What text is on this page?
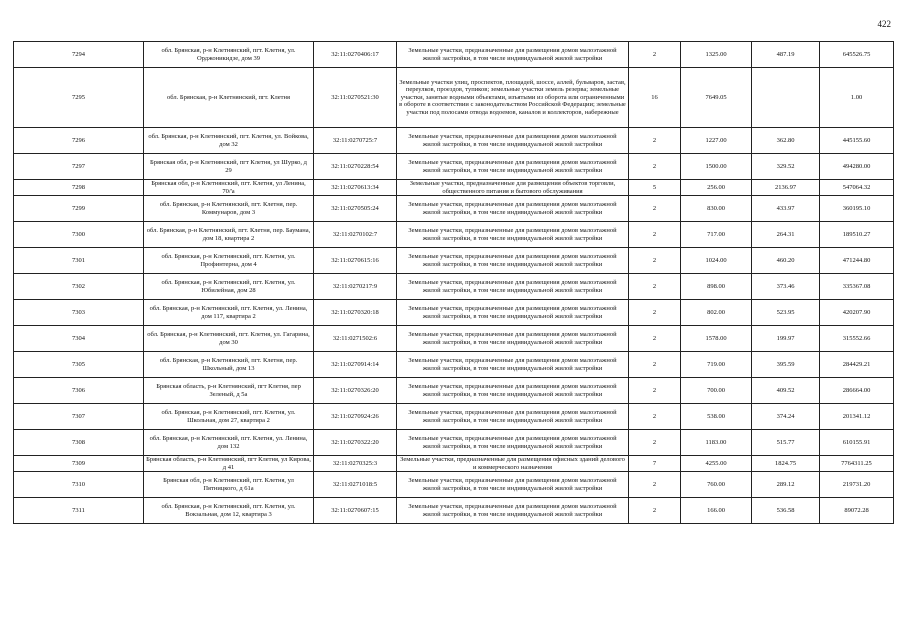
422
7294	обл. Брянская, р-н Клетнянский, пгт. Клетня, ул. Орджоникидзе, дом 39	32:11:0270406:17	Земельные участки, предназначенные для размещения домов малоэтажной жилой застройки, в том числе индивидуальной жилой застройки	2	1325.00	487.19	645526.75

7295	обл. Брянская, р-н Клетнянский, пгт. Клетня	32:11:0270521:30	Земельные участки улиц, проспектов, площадей, шоссе, аллей, бульваров, застав, переулков, проездов, тупиков; земельные участки земель резерва; земельные участки, занятые водными объектами, изъятыми из оборота или ограниченными в обороте в соответствии с законодательством Российской Федерации; земельные участки под полосами отвода водоемов, каналов и коллекторов, набережные	16	7649.05		1.00

7296	обл. Брянская, р-н Клетнянский, пгт. Клетня, ул. Войкова, дом 32	32:11:0270725:7	Земельные участки, предназначенные для размещения домов малоэтажной жилой застройки, в том числе индивидуальной жилой застройки	2	1227.00	362.80	445155.60

7297	Брянская обл, р-н Клетнянский, пгт Клетня, ул Шурко, д 29	32:11:0270228:54	Земельные участки, предназначенные для размещения домов малоэтажной жилой застройки, в том числе индивидуальной жилой застройки	2	1500.00	329.52	494280.00

7298	Брянская обл, р-н Клетнянский, пгт. Клетня, ул Ленина, 70/'а	32:11:0270613:34	Земельные участки, предназначенные для размещения объектов торговли, общественного питания и бытового обслуживания	5	256.00	2136.97	547064.32

7299	обл. Брянская, р-н Клетнянский, пгт. Клетня, пер. Коммунаров, дом 3	32:11:0270505:24	Земельные участки, предназначенные для размещения домов малоэтажной жилой застройки, в том числе индивидуальной жилой застройки	2	830.00	433.97	360195.10

7300	обл. Брянская, р-н Клетнянский, пгт. Клетня, пер. Баумана, дом 18, квартира 2	32:11:0270102:7	Земельные участки, предназначенные для размещения домов малоэтажной жилой застройки, в том числе индивидуальной жилой застройки	2	717.00	264.31	189510.27

7301	обл. Брянская, р-н Клетнянский, пгт. Клетня, ул. Профинтерна, дом 4	32:11:0270615:16	Земельные участки, предназначенные для размещения домов малоэтажной жилой застройки, в том числе индивидуальной жилой застройки	2	1024.00	460.20	471244.80

7302	обл. Брянская, р-н Клетнянский, пгт. Клетня, ул. Юбилейная, дом 28	32:11:0270217:9	Земельные участки, предназначенные для размещения домов малоэтажной жилой застройки, в том числе индивидуальной жилой застройки	2	898.00	373.46	335367.08

7303	обл. Брянская, р-н Клетнянский, пгт. Клетня, ул. Ленина, дом 117, квартира 2	32:11:0270320:18	Земельные участки, предназначенные для размещения домов малоэтажной жилой застройки, в том числе индивидуальной жилой застройки	2	802.00	523.95	420207.90

7304	обл. Брянская, р-н Клетнянский, пгт. Клетня, ул. Гагарина, дом 30	32:11:0271502:6	Земельные участки, предназначенные для размещения домов малоэтажной жилой застройки, в том числе индивидуальной жилой застройки	2	1578.00	199.97	315552.66

7305	обл. Брянская, р-н Клетнянский, пгт. Клетня, пер. Школьный, дом 13	32:11:0270914:14	Земельные участки, предназначенные для размещения домов малоэтажной жилой застройки, в том числе индивидуальной жилой застройки	2	719.00	395.59	284429.21

7306	Брянская область, р-н Клетнянский, пгт Клетня, пер Зеленый, д 5а	32:11:0270326:20	Земельные участки, предназначенные для размещения домов малоэтажной жилой застройки, в том числе индивидуальной жилой застройки	2	700.00	409.52	286664.00

7307	обл. Брянская, р-н Клетнянский, пгт. Клетня, ул. Школьная, дом 27, квартира 2	32:11:0270924:26	Земельные участки, предназначенные для размещения домов малоэтажной жилой застройки, в том числе индивидуальной жилой застройки	2	538.00	374.24	201341.12

7308	обл. Брянская, р-н Клетнянский, пгт. Клетня, ул. Ленина, дом 132	32:11:0270322:20	Земельные участки, предназначенные для размещения домов малоэтажной жилой застройки, в том числе индивидуальной жилой застройки	2	1183.00	515.77	610155.91

7309	Брянская область, р-н Клетнянский, пгт Клетня, ул Кирова, д 41	32:11:0270325:3	Земельные участки, предназначенные для размещения офисных зданий делового и коммерческого назначения	7	4255.00	1824.75	7764311.25

7310	Брянская обл, р-н Клетнянский, пгт. Клетня, ул Пятницкого, д 61а	32:11:0271018:5	Земельные участки, предназначенные для размещения домов малоэтажной жилой застройки, в том числе индивидуальной жилой застройки	2	760.00	289.12	219731.20

7311	обл. Брянская, р-н Клетнянский, пгт. Клетня, ул. Вокзальная, дом 12, квартира 3	32:11:0270607:15	Земельные участки, предназначенные для размещения домов малоэтажной жилой застройки, в том числе индивидуальной жилой застройки	2	166.00	536.58	89072.28
